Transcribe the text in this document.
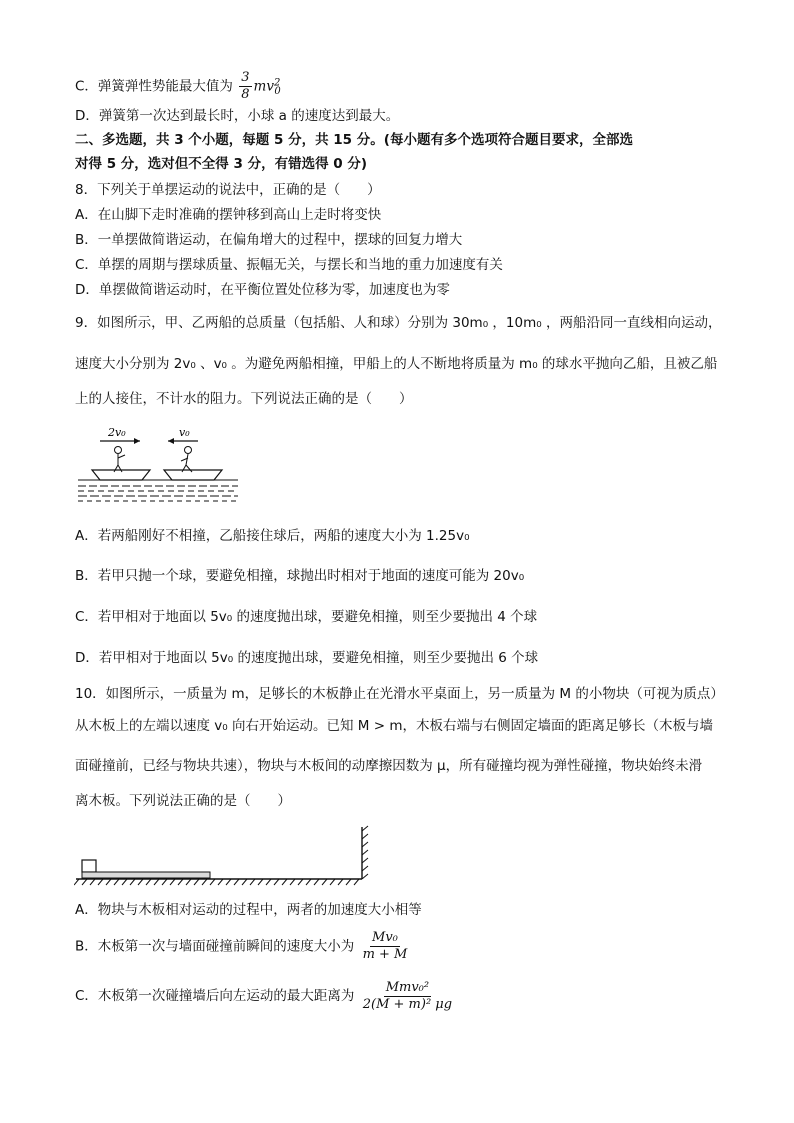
C．弹簧弹性势能最大值为 $\frac{3}{8} mv^2_0$
D．弹簧第一次达到最长时，小球 a 的速度达到最大。
二、多选题，共 3 个小题，每题 5 分，共 15 分。(每小题有多个选项符合题目要求，全部选
对得 5 分，选对但不全得 3 分，有错选得 0 分)
8．下列关于单摆运动的说法中，正确的是（　　）
A．在山脚下走时准确的摆钟移到高山上走时将变快
B．一单摆做简谐运动，在偏角增大的过程中，摆球的回复力增大
C．单摆的周期与摆球质量、振幅无关，与摆长和当地的重力加速度有关
D．单摆做简谐运动时，在平衡位置处位移为零，加速度也为零
9．如图所示，甲、乙两船的总质量（包括船、人和球）分别为 30m₀ ，10m₀ ，两船沿同一直线相向运动，
速度大小分别为 2v₀ 、v₀ 。为避免两船相撞，甲船上的人不断地将质量为 m₀ 的球水平抛向乙船，且被乙船
上的人接住，不计水的阻力。下列说法正确的是（　　）
2v₀	v₀
A．若两船刚好不相撞，乙船接住球后，两船的速度大小为 1.25v₀
B．若甲只抛一个球，要避免相撞，球抛出时相对于地面的速度可能为 20v₀
C．若甲相对于地面以 5v₀ 的速度抛出球，要避免相撞，则至少要抛出 4 个球
D．若甲相对于地面以 5v₀ 的速度抛出球，要避免相撞，则至少要抛出 6 个球
10．如图所示，一质量为 m，足够长的木板静止在光滑水平桌面上，另一质量为 M 的小物块（可视为质点）
从木板上的左端以速度 v₀ 向右开始运动。已知 M > m，木板右端与右侧固定墙面的距离足够长（木板与墙
面碰撞前，已经与物块共速），物块与木板间的动摩擦因数为 μ，所有碰撞均视为弹性碰撞，物块始终未滑
离木板。下列说法正确的是（　　）
A．物块与木板相对运动的过程中，两者的加速度大小相等
B．木板第一次与墙面碰撞前瞬间的速度大小为 $\frac{\text{Mv₀}}{m + M}$
C．木板第一次碰撞墙后向左运动的最大距离为 $\frac{\text{Mmv₀²}}{\text{2(M + m)² μg}}$
